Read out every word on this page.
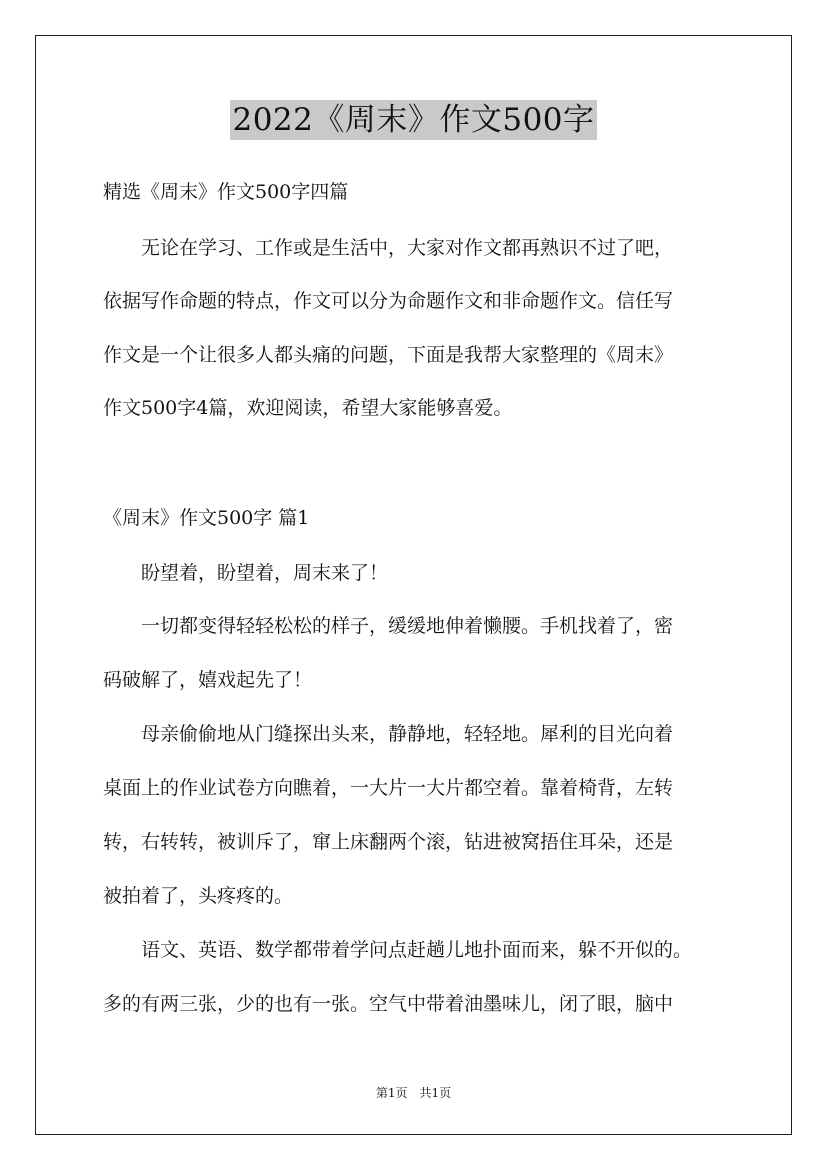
2022《周末》作文500字
精选《周末》作文500字四篇
　　无论在学习、工作或是生活中，大家对作文都再熟识不过了吧，
依据写作命题的特点，作文可以分为命题作文和非命题作文。信任写
作文是一个让很多人都头痛的问题，下面是我帮大家整理的《周末》
作文500字4篇，欢迎阅读，希望大家能够喜爱。
《周末》作文500字 篇1
　　盼望着，盼望着，周末来了！
　　一切都变得轻轻松松的样子，缓缓地伸着懒腰。手机找着了，密
码破解了，嬉戏起先了！
　　母亲偷偷地从门缝探出头来，静静地，轻轻地。犀利的目光向着
桌面上的作业试卷方向瞧着，一大片一大片都空着。靠着椅背，左转
转，右转转，被训斥了，窜上床翻两个滚，钻进被窝捂住耳朵，还是
被拍着了，头疼疼的。
　　语文、英语、数学都带着学问点赶趟儿地扑面而来，躲不开似的。
多的有两三张，少的也有一张。空气中带着油墨味儿，闭了眼，脑中
第1页　共1页
